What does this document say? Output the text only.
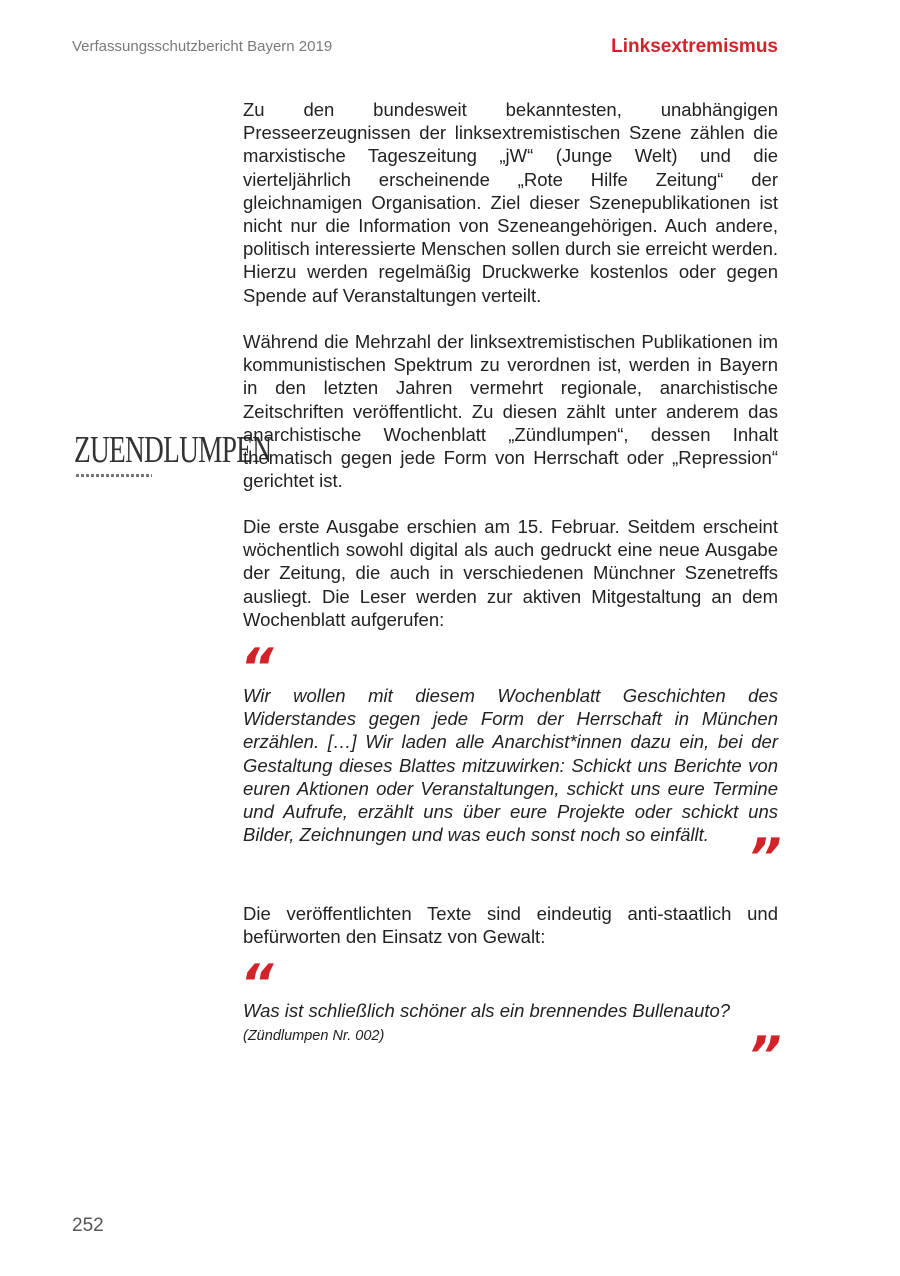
Verfassungsschutzbericht Bayern 2019	Linksextremismus
ZUENDLUMPEN

Zu den bundesweit bekanntesten, unabhängigen Presseerzeugnissen der linksextremistischen Szene zählen die marxistische Tageszeitung „jW“ (Junge Welt) und die vierteljährlich erscheinende „Rote Hilfe Zeitung“ der gleichnamigen Organisation. Ziel dieser Szenepublikationen ist nicht nur die Information von Szeneangehörigen. Auch andere, politisch interessierte Menschen sollen durch sie erreicht werden. Hierzu werden regelmäßig Druckwerke kostenlos oder gegen Spende auf Veranstaltungen verteilt.

Während die Mehrzahl der linksextremistischen Publikationen im kommunistischen Spektrum zu verordnen ist, werden in Bayern in den letzten Jahren vermehrt regionale, anarchistische Zeitschriften veröffentlicht. Zu diesen zählt unter anderem das anarchistische Wochenblatt „Zündlumpen“, dessen Inhalt thematisch gegen jede Form von Herrschaft oder „Repression“ gerichtet ist.

Die erste Ausgabe erschien am 15. Februar. Seitdem erscheint wöchentlich sowohl digital als auch gedruckt eine neue Ausgabe der Zeitung, die auch in verschiedenen Münchner Szenetreffs ausliegt. Die Leser werden zur aktiven Mitgestaltung an dem Wochenblatt aufgerufen:

“

Wir wollen mit diesem Wochenblatt Geschichten des Widerstandes gegen jede Form der Herrschaft in München erzählen. […] Wir laden alle Anarchist*innen dazu ein, bei der Gestaltung dieses Blattes mitzuwirken: Schickt uns Berichte von euren Aktionen oder Veranstaltungen, schickt uns eure Termine und Aufrufe, erzählt uns über eure Projekte oder schickt uns Bilder, Zeichnungen und was euch sonst noch so einfällt. ”

Die veröffentlichten Texte sind eindeutig anti-staatlich und befürworten den Einsatz von Gewalt:

“

Was ist schließlich schöner als ein brennendes Bullenauto?

(Zündlumpen Nr. 002)	”
252
